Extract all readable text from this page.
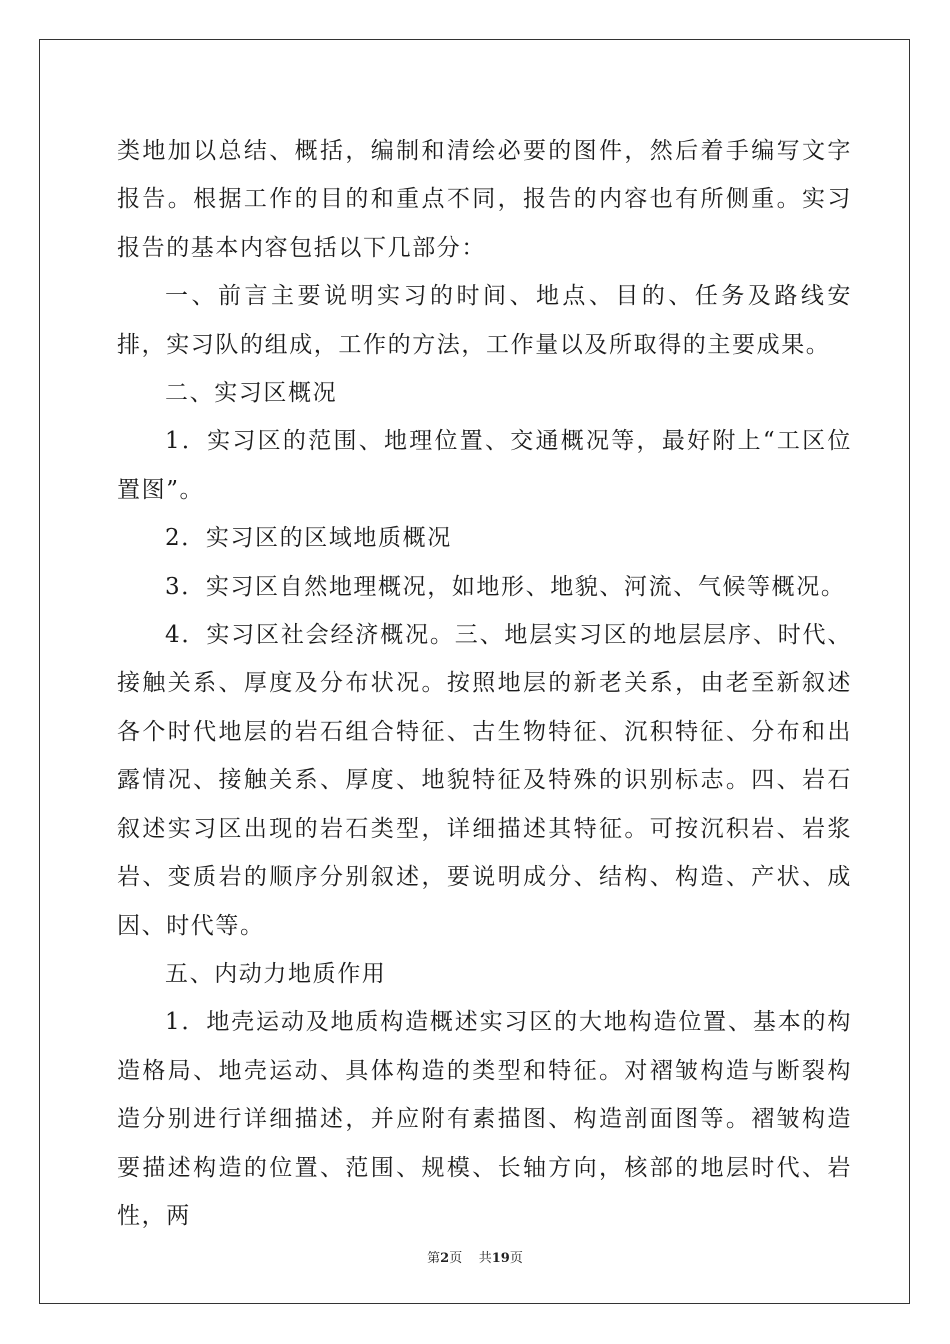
类地加以总结、概括，编制和清绘必要的图件，然后着手编写文字报告。根据工作的目的和重点不同，报告的内容也有所侧重。实习报告的基本内容包括以下几部分：

一、前言主要说明实习的时间、地点、目的、任务及路线安排，实习队的组成，工作的方法，工作量以及所取得的主要成果。

二、实习区概况

1．实习区的范围、地理位置、交通概况等，最好附上“工区位置图”。

2．实习区的区域地质概况

3．实习区自然地理概况，如地形、地貌、河流、气候等概况。

4．实习区社会经济概况。三、地层实习区的地层层序、时代、接触关系、厚度及分布状况。按照地层的新老关系，由老至新叙述各个时代地层的岩石组合特征、古生物特征、沉积特征、分布和出露情况、接触关系、厚度、地貌特征及特殊的识别标志。四、岩石叙述实习区出现的岩石类型，详细描述其特征。可按沉积岩、岩浆岩、变质岩的顺序分别叙述，要说明成分、结构、构造、产状、成因、时代等。

五、内动力地质作用

1．地壳运动及地质构造概述实习区的大地构造位置、基本的构造格局、地壳运动、具体构造的类型和特征。对褶皱构造与断裂构造分别进行详细描述，并应附有素描图、构造剖面图等。褶皱构造要描述构造的位置、范围、规模、长轴方向，核部的地层时代、岩性，两

第2页 共19页
